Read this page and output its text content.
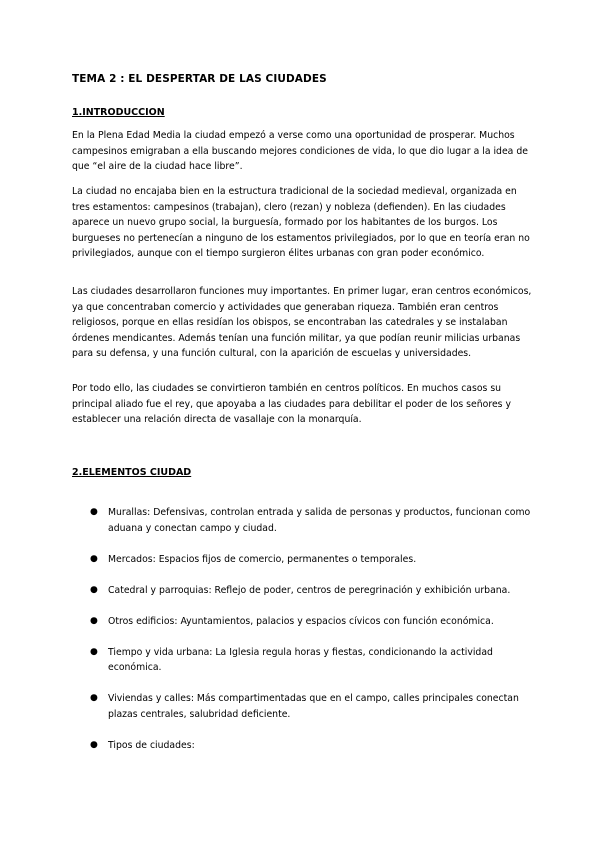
TEMA 2 : EL DESPERTAR DE LAS CIUDADES
1.INTRODUCCION

En la Plena Edad Media la ciudad empezó a verse como una oportunidad de prosperar. Muchos campesinos emigraban a ella buscando mejores condiciones de vida, lo que dio lugar a la idea de que “el aire de la ciudad hace libre”.

La ciudad no encajaba bien en la estructura tradicional de la sociedad medieval, organizada en tres estamentos: campesinos (trabajan), clero (rezan) y nobleza (defienden). En las ciudades aparece un nuevo grupo social, la burguesía, formado por los habitantes de los burgos. Los burgueses no pertenecían a ninguno de los estamentos privilegiados, por lo que en teoría eran no privilegiados, aunque con el tiempo surgieron élites urbanas con gran poder económico.

Las ciudades desarrollaron funciones muy importantes. En primer lugar, eran centros económicos, ya que concentraban comercio y actividades que generaban riqueza. También eran centros religiosos, porque en ellas residían los obispos, se encontraban las catedrales y se instalaban órdenes mendicantes. Además tenían una función militar, ya que podían reunir milicias urbanas para su defensa, y una función cultural, con la aparición de escuelas y universidades.

Por todo ello, las ciudades se convirtieron también en centros políticos. En muchos casos su principal aliado fue el rey, que apoyaba a las ciudades para debilitar el poder de los señores y establecer una relación directa de vasallaje con la monarquía.

2.ELEMENTOS CIUDAD
● Murallas: Defensivas, controlan entrada y salida de personas y productos, funcionan como aduana y conectan campo y ciudad.
● Mercados: Espacios fijos de comercio, permanentes o temporales.
● Catedral y parroquias: Reflejo de poder, centros de peregrinación y exhibición urbana.
● Otros edificios: Ayuntamientos, palacios y espacios cívicos con función económica.
● Tiempo y vida urbana: La Iglesia regula horas y fiestas, condicionando la actividad económica.
● Viviendas y calles: Más compartimentadas que en el campo, calles principales conectan plazas centrales, salubridad deficiente.
● Tipos de ciudades:
